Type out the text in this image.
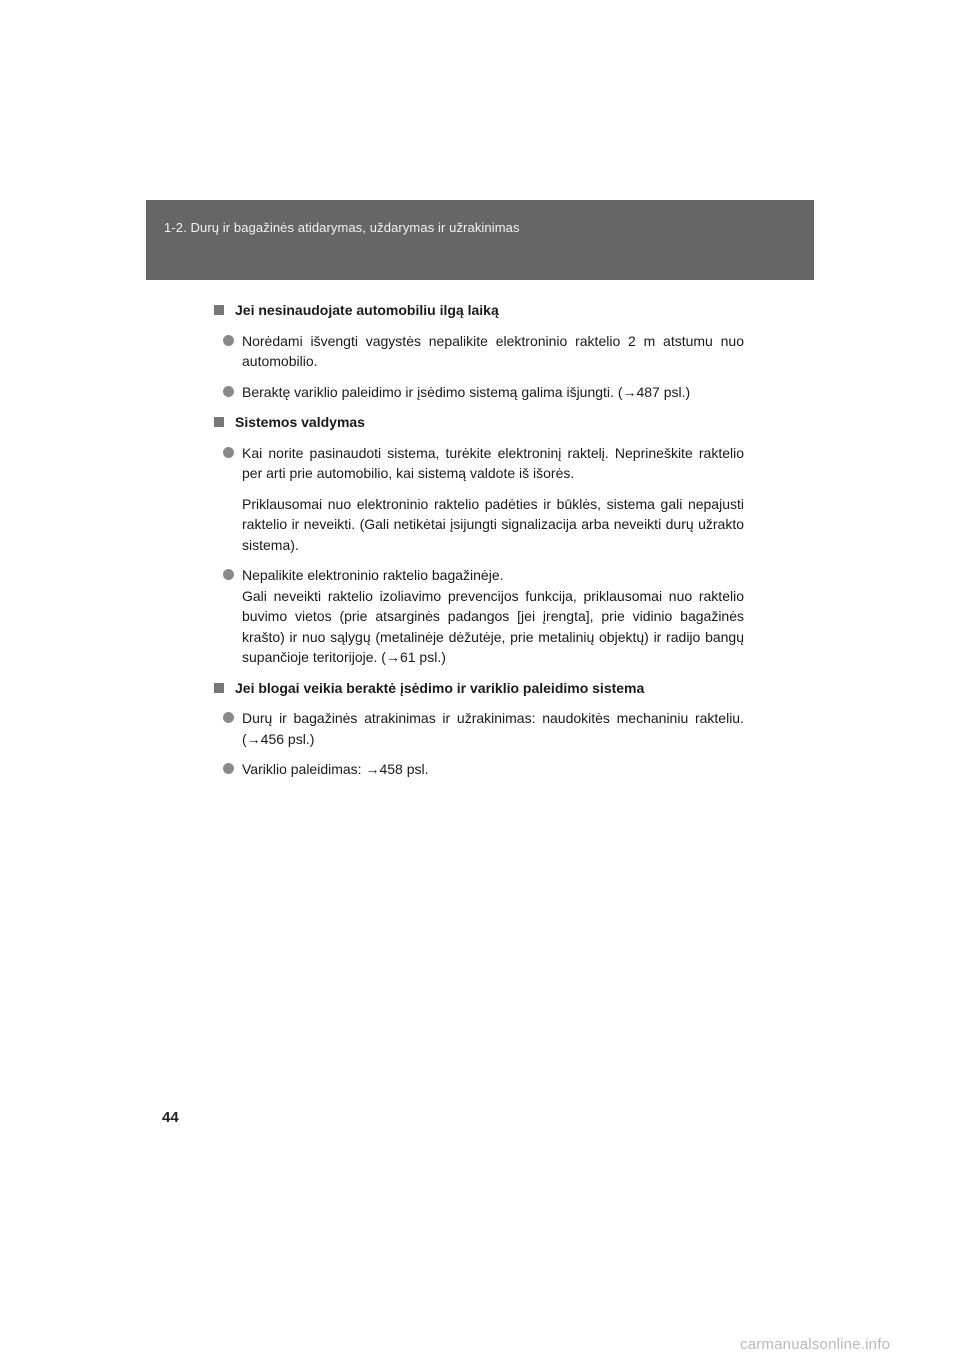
1-2. Durų ir bagažinės atidarymas, uždarymas ir užrakinimas
Jei nesinaudojate automobiliu ilgą laiką

Norėdami išvengti vagystės nepalikite elektroninio raktelio 2 m atstumu nuo automobilio.

Beraktę variklio paleidimo ir įsėdimo sistemą galima išjungti. (→487 psl.)

Sistemos valdymas

Kai norite pasinaudoti sistema, turėkite elektroninį raktelį. Neprineškite raktelio per arti prie automobilio, kai sistemą valdote iš išorės.

Priklausomai nuo elektroninio raktelio padėties ir būklės, sistema gali nepajusti raktelio ir neveikti. (Gali netikėtai įsijungti signalizacija arba neveikti durų užrakto sistema).

Nepalikite elektroninio raktelio bagažinėje.

Gali neveikti raktelio izoliavimo prevencijos funkcija, priklausomai nuo raktelio buvimo vietos (prie atsarginės padangos [jei įrengta], prie vidinio bagažinės krašto) ir nuo sąlygų (metalinėje dėžutėje, prie metalinių objektų) ir radijo bangų supančioje teritorijoje. (→61 psl.)

Jei blogai veikia beraktė įsėdimo ir variklio paleidimo sistema

Durų ir bagažinės atrakinimas ir užrakinimas: naudokitės mechaniniu rakteliu. (→456 psl.)

Variklio paleidimas: →458 psl.

44
carmanualsonline.info
